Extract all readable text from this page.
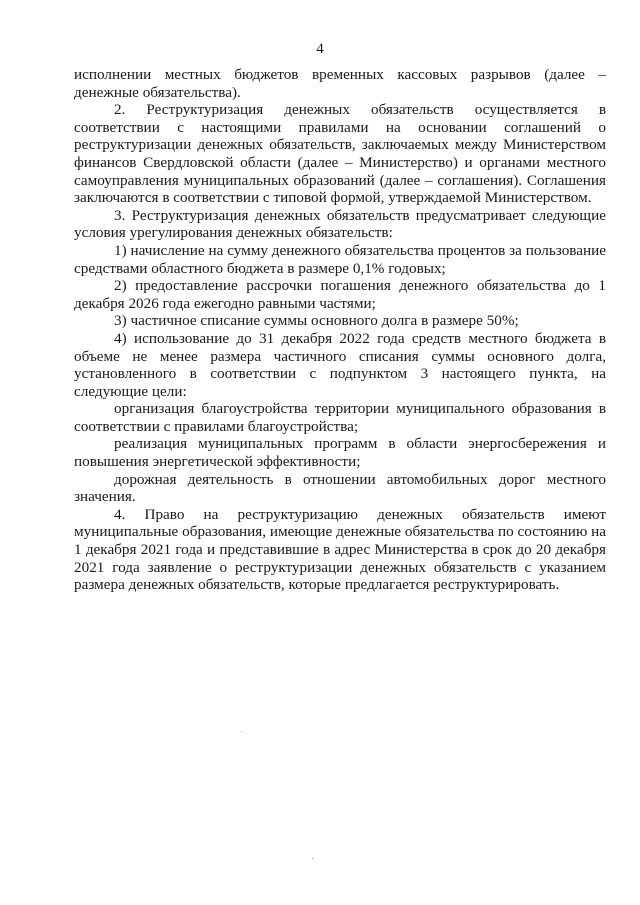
4

исполнении местных бюджетов временных кассовых разрывов (далее – денежные обязательства).

2. Реструктуризация денежных обязательств осуществляется в соответствии с настоящими правилами на основании соглашений о реструктуризации денежных обязательств, заключаемых между Министерством финансов Свердловской области (далее – Министерство) и органами местного самоуправления муниципальных образований (далее – соглашения). Соглашения заключаются в соответствии с типовой формой, утверждаемой Министерством.

3. Реструктуризация денежных обязательств предусматривает следующие условия урегулирования денежных обязательств:

1) начисление на сумму денежного обязательства процентов за пользование средствами областного бюджета в размере 0,1% годовых;

2) предоставление рассрочки погашения денежного обязательства до 1 декабря 2026 года ежегодно равными частями;

3) частичное списание суммы основного долга в размере 50%;

4) использование до 31 декабря 2022 года средств местного бюджета в объеме не менее размера частичного списания суммы основного долга, установленного в соответствии с подпунктом 3 настоящего пункта, на следующие цели:

организация благоустройства территории муниципального образования в соответствии с правилами благоустройства;

реализация муниципальных программ в области энергосбережения и повышения энергетической эффективности;

дорожная деятельность в отношении автомобильных дорог местного значения.

4. Право на реструктуризацию денежных обязательств имеют муниципальные образования, имеющие денежные обязательства по состоянию на 1 декабря 2021 года и представившие в адрес Министерства в срок до 20 декабря 2021 года заявление о реструктуризации денежных обязательств с указанием размера денежных обязательств, которые предлагается реструктурировать.
